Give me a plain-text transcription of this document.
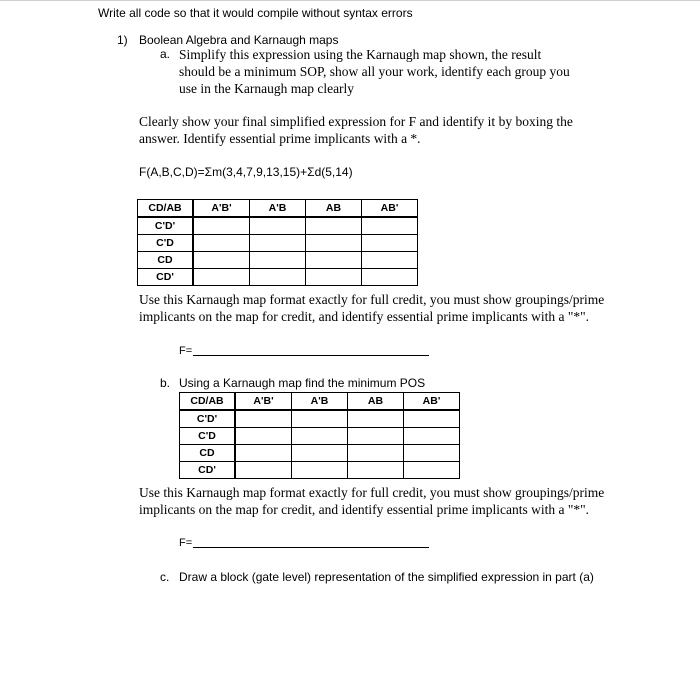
Write all code so that it would compile without syntax errors
1) Boolean Algebra and Karnaugh maps
a. Simplify this expression using the Karnaugh map shown, the result
should be a minimum SOP, show all your work, identify each group you
use in the Karnaugh map clearly
Clearly show your final simplified expression for F and identify it by boxing the
answer. Identify essential prime implicants with a *.
F(A,B,C,D)=Σm(3,4,7,9,13,15)+Σd(5,14)
CD/AB	A'B'	A'B	AB	AB'
C'D'				
C'D				
CD				
CD'				
Use this Karnaugh map format exactly for full credit, you must show groupings/prime
implicants on the map for credit, and identify essential prime implicants with a "*".
F=
b. Using a Karnaugh map find the minimum POS
CD/AB	A'B'	A'B	AB	AB'
C'D'				
C'D				
CD				
CD'				
Use this Karnaugh map format exactly for full credit, you must show groupings/prime
implicants on the map for credit, and identify essential prime implicants with a "*".
F=
c. Draw a block (gate level) representation of the simplified expression in part (a)
